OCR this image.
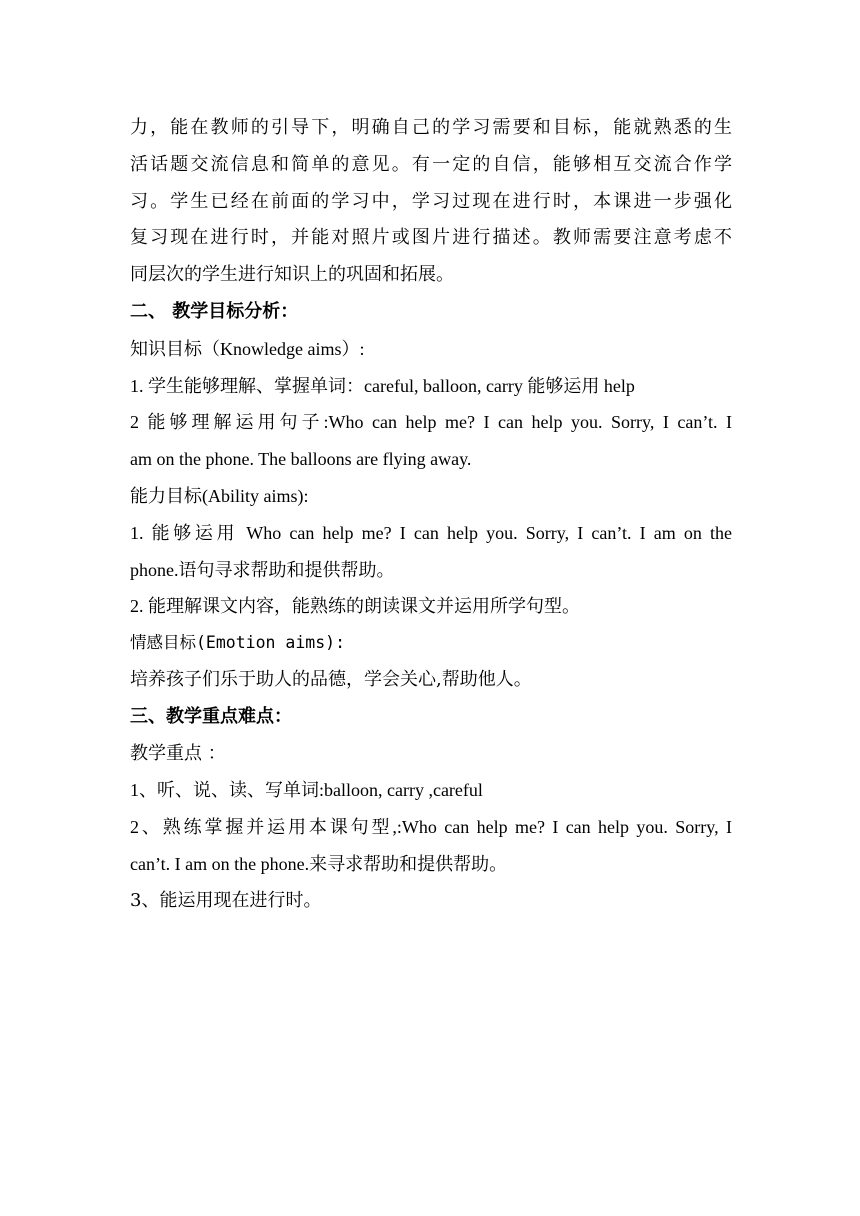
力，能在教师的引导下，明确自己的学习需要和目标，能就熟悉的生
活话题交流信息和简单的意见。有一定的自信，能够相互交流合作学
习。学生已经在前面的学习中，学习过现在进行时，本课进一步强化
复习现在进行时，并能对照片或图片进行描述。教师需要注意考虑不
同层次的学生进行知识上的巩固和拓展。
二、 教学目标分析：
知识目标（Knowledge aims）:
1. 学生能够理解、掌握单词：careful, balloon, carry 能够运用 help
2 能够理解运用句子:Who can help me? I can help you. Sorry, I can’t. I
am on the phone. The balloons are flying away.
能力目标(Ability aims):
1. 能够运用 Who can help me? I can help you. Sorry, I can’t. I am on the
phone.语句寻求帮助和提供帮助。
2. 能理解课文内容，能熟练的朗读课文并运用所学句型。
情感目标(Emotion aims):
培养孩子们乐于助人的品德，学会关心,帮助他人。
三、教学重点难点：
教学重点 ：
1、听、说、读、写单词:balloon, carry ,careful
2、熟练掌握并运用本课句型,:Who can help me? I can help you. Sorry, I
can’t. I am on the phone.来寻求帮助和提供帮助。
3、能运用现在进行时。
